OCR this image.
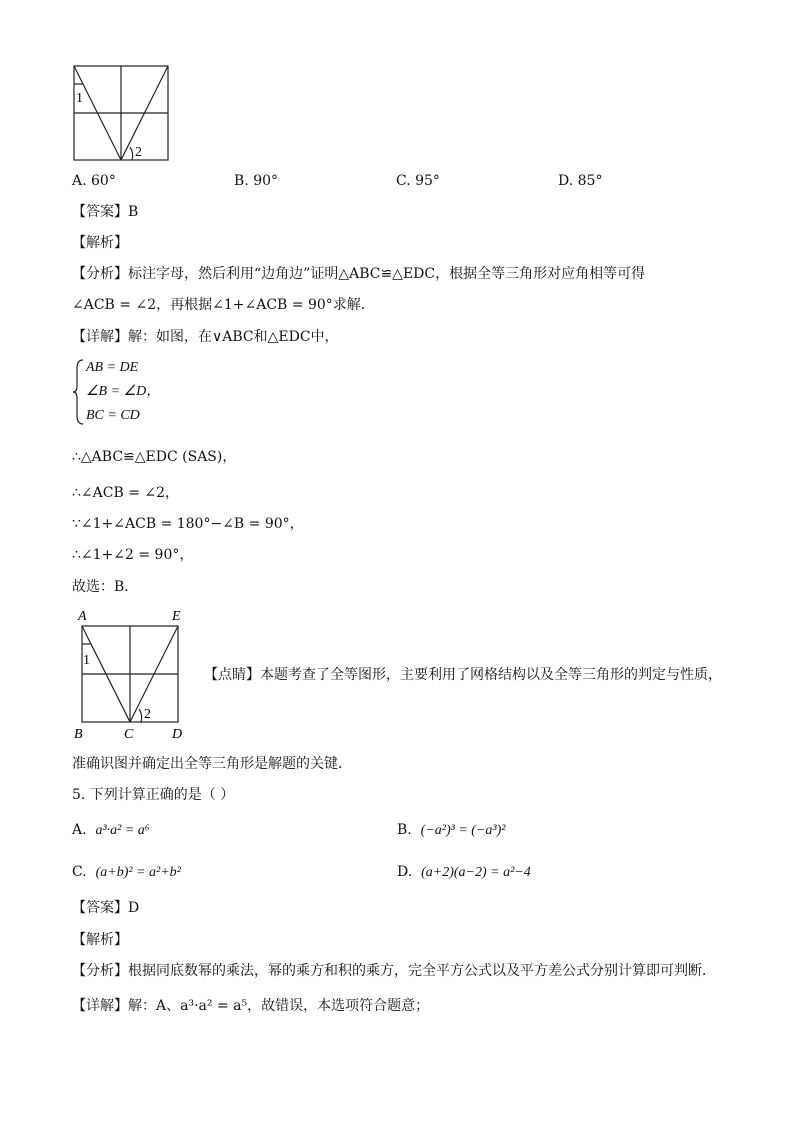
1
2
A. 60°	B. 90°	C. 95°	D. 85°
【答案】B
【解析】
【分析】标注字母，然后利用“边角边”证明△ABC≌△EDC，根据全等三角形对应角相等可得
∠ACB = ∠2，再根据∠1+∠ACB = 90°求解．
【详解】解：如图，在∨ABC和△EDC中，
AB = DE
∠B = ∠D，
BC = CD
∴△ABC≌△EDC (SAS)，
∴∠ACB = ∠2，
∵∠1+∠ACB = 180°−∠B = 90°，
∴∠1+∠2 = 90°，
故选：B．
A	E
B	C	D
1
2
【点睛】本题考查了全等图形，主要利用了网格结构以及全等三角形的判定与性质，
准确识图并确定出全等三角形是解题的关键．
5. 下列计算正确的是（ ）
A. a³·a² = a⁶	B. (−a²)³ = (−a³)²
C. (a+b)² = a²+b²	D. (a+2)(a−2) = a²−4
【答案】D
【解析】
【分析】根据同底数幂的乘法，幂的乘方和积的乘方，完全平方公式以及平方差公式分别计算即可判断．
【详解】解：A、a³·a² = a⁵，故错误，本选项符合题意；
